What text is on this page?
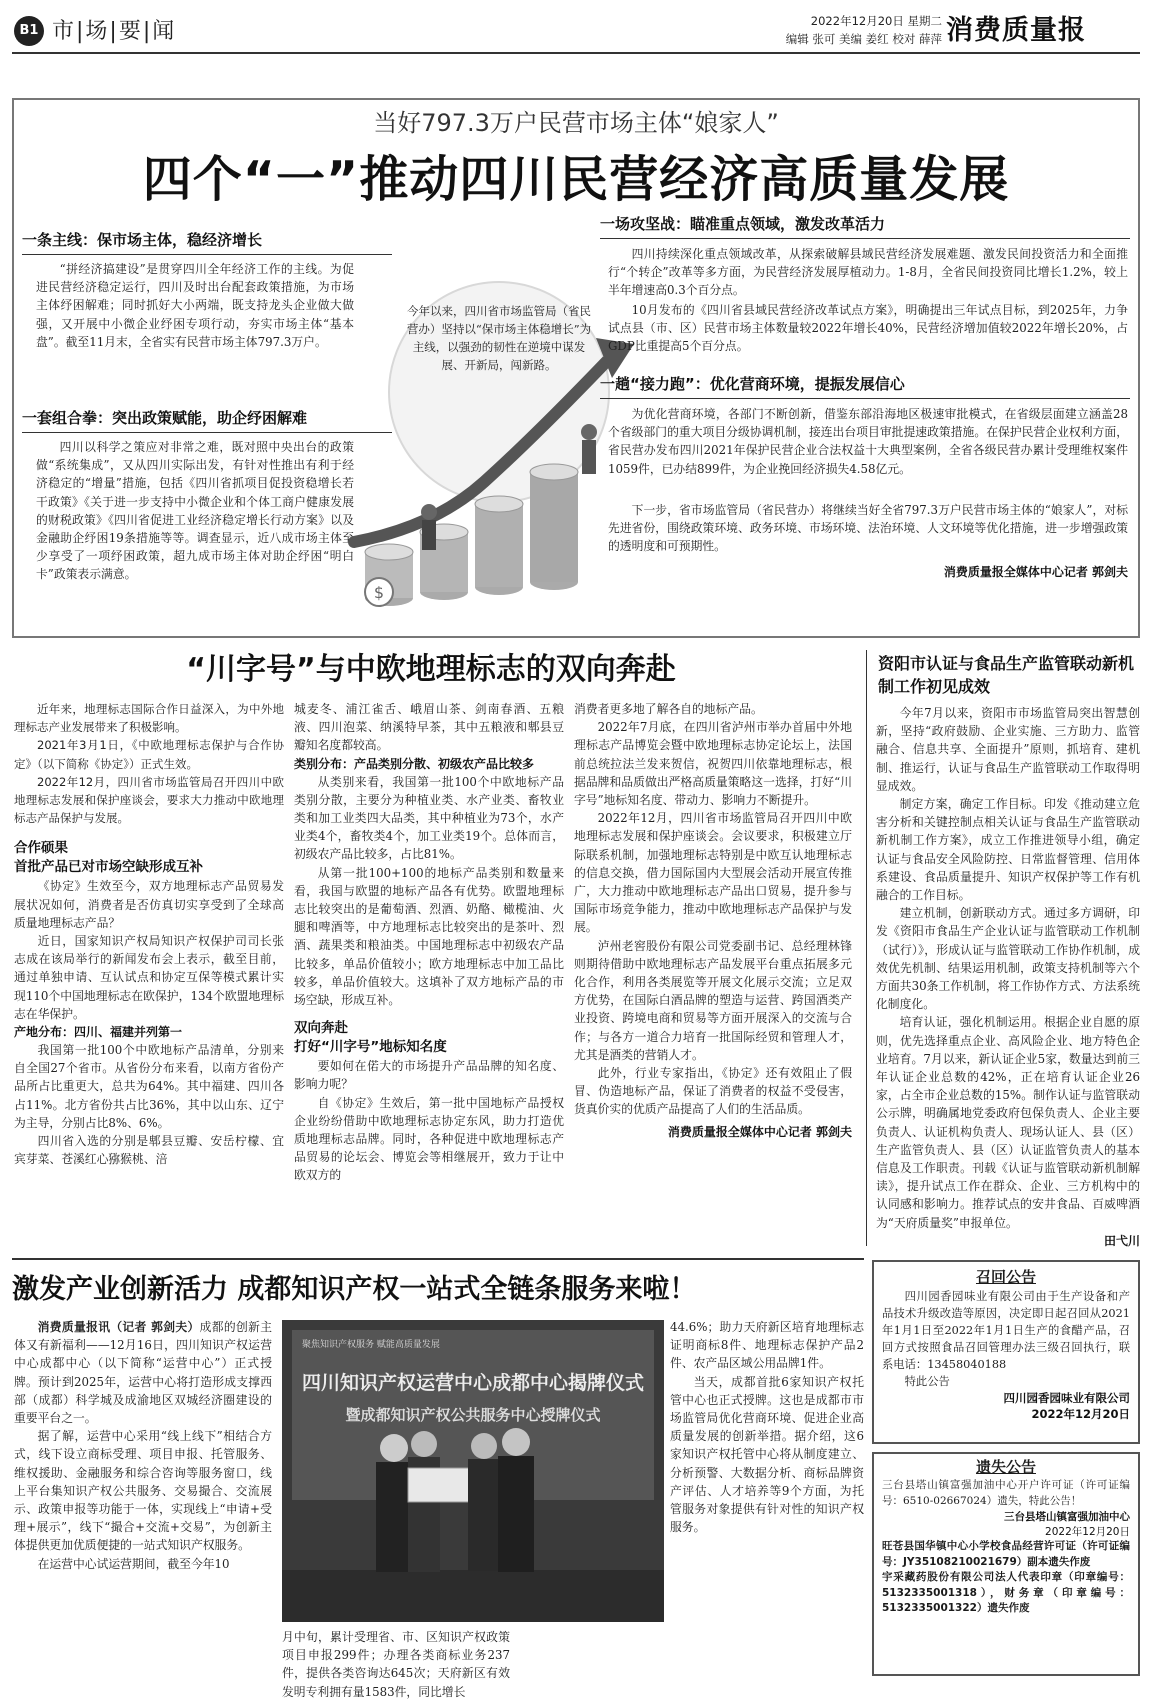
B1 市|场|要|闻	2022年12月20日 星期二
编辑 张可 美编 姜红 校对 薛萍 消费质量报
当好797.3万户民营市场主体“娘家人”
四个“一”推动四川民营经济高质量发展
一条主线：保市场主体，稳经济增长
“拼经济搞建设”是贯穿四川全年经济工作的主线。为促进民营经济稳定运行，四川及时出台配套政策措施，为市场主体纾困解难；同时抓好大小两端，既支持龙头企业做大做强，又开展中小微企业纾困专项行动，夯实市场主体“基本盘”。截至11月末，全省实有民营市场主体797.3万户。
一套组合拳：突出政策赋能，助企纾困解难
四川以科学之策应对非常之难，既对照中央出台的政策做“系统集成”，又从四川实际出发，有针对性推出有利于经济稳定的“增量”措施，包括《四川省抓项目促投资稳增长若干政策》《关于进一步支持中小微企业和个体工商户健康发展的财税政策》《四川省促进工业经济稳定增长行动方案》以及金融助企纾困19条措施等等。调查显示，近八成市场主体至少享受了一项纾困政策，超九成市场主体对助企纾困“明白卡”政策表示满意。
$
今年以来，四川省市场监管局（省民营办）坚持以“保市场主体稳增长”为主线，以强劲的韧性在逆境中谋发展、开新局，闯新路。
一场攻坚战：瞄准重点领域，激发改革活力
四川持续深化重点领域改革，从探索破解县域民营经济发展难题、激发民间投资活力和全面推行“个转企”改革等多方面，为民营经济发展厚植动力。1-8月，全省民间投资同比增长1.2%，较上半年增速高0.3个百分点。
10月发布的《四川省县域民营经济改革试点方案》，明确提出三年试点目标，到2025年，力争试点县（市、区）民营市场主体数量较2022年增长40%，民营经济增加值较2022年增长20%，占GDP比重提高5个百分点。
一趟“接力跑”：优化营商环境，提振发展信心
为优化营商环境，各部门不断创新，借鉴东部沿海地区极速审批模式，在省级层面建立涵盖28个省级部门的重大项目分级协调机制，接连出台项目审批提速政策措施。在保护民营企业权利方面，省民营办发布四川2021年保护民营企业合法权益十大典型案例，全省各级民营办累计受理维权案件1059件，已办结899件，为企业挽回经济损失4.58亿元。
下一步，省市场监管局（省民营办）将继续当好全省797.3万户民营市场主体的“娘家人”，对标先进省份，围绕政策环境、政务环境、市场环境、法治环境、人文环境等优化措施，进一步增强政策的透明度和可预期性。
消费质量报全媒体中心记者 郭剑夫
“川字号”与中欧地理标志的双向奔赴
近年来，地理标志国际合作日益深入，为中外地理标志产业发展带来了积极影响。
2021年3月1日，《中欧地理标志保护与合作协定》（以下简称《协定》）正式生效。
2022年12月，四川省市场监管局召开四川中欧地理标志发展和保护座谈会，要求大力推动中欧地理标志产品保护与发展。
合作硕果
首批产品已对市场空缺形成互补
《协定》生效至今，双方地理标志产品贸易发展状况如何，消费者是否仿真切实享受到了全球高质量地理标志产品？
近日，国家知识产权局知识产权保护司司长张志成在该局举行的新闻发布会上表示，截至目前，通过单独申请、互认试点和协定互保等模式累计实现110个中国地理标志在欧保护，134个欧盟地理标志在华保护。
产地分布：四川、福建并列第一
我国第一批100个中欧地标产品清单，分别来自全国27个省市。从省份分布来看，以南方省份产品所占比重更大，总共为64%。其中福建、四川各占11%。北方省份共占比36%，其中以山东、辽宁为主导，分别占比8%、6%。
四川省入选的分别是郫县豆瓣、安岳柠檬、宜宾芽菜、苍溪红心猕猴桃、涪
城麦冬、浦江雀舌、峨眉山茶、剑南春酒、五粮液、四川泡菜、纳溪特早茶，其中五粮液和郫县豆瓣知名度都较高。
类别分布：产品类别分散、初级农产品比较多
从类别来看，我国第一批100个中欧地标产品类别分散，主要分为种植业类、水产业类、畜牧业类和加工业类四大品类，其中种植业为73个，水产业类4个，畜牧类4个，加工业类19个。总体而言，初级农产品比较多，占比81%。
从第一批100+100的地标产品类别和数量来看，我国与欧盟的地标产品各有优势。欧盟地理标志比较突出的是葡萄酒、烈酒、奶酪、橄榄油、火腿和啤酒等，中方地理标志比较突出的是茶叶、烈酒、蔬果类和粮油类。中国地理标志中初级农产品比较多，单品价值较小；欧方地理标志中加工品比较多，单品价值较大。这填补了双方地标产品的市场空缺，形成互补。
双向奔赴
打好“川字号”地标知名度
要如何在偌大的市场提升产品品牌的知名度、影响力呢？
自《协定》生效后，第一批中国地标产品授权企业纷纷借助中欧地理标志协定东风，助力打造优质地理标志品牌。同时，各种促进中欧地理标志产品贸易的论坛会、博览会等相继展开，致力于让中欧双方的
消费者更多地了解各自的地标产品。
2022年7月底，在四川省泸州市举办首届中外地理标志产品博览会暨中欧地理标志协定论坛上，法国前总统拉法兰发来贺信，祝贺四川依靠地理标志，根据品牌和品质做出严格高质量策略这一选择，打好“川字号”地标知名度、带动力、影响力不断提升。
2022年12月，四川省市场监管局召开四川中欧地理标志发展和保护座谈会。会议要求，积极建立厅际联系机制，加强地理标志特别是中欧互认地理标志的信息交换，借力国际国内大型展会活动开展宣传推广，大力推动中欧地理标志产品出口贸易，提升参与国际市场竞争能力，推动中欧地理标志产品保护与发展。
泸州老窖股份有限公司党委副书记、总经理林锋则期待借助中欧地理标志产品发展平台重点拓展多元化合作，利用各类展览等开展文化展示交流；立足双方优势，在国际白酒品牌的塑造与运营、跨国酒类产业投资、跨境电商和贸易等方面开展深入的交流与合作；与各方一道合力培育一批国际经贸和管理人才，尤其是酒类的营销人才。
此外，行业专家指出，《协定》还有效阻止了假冒、伪造地标产品，保证了消费者的权益不受侵害，货真价实的优质产品提高了人们的生活品质。
消费质量报全媒体中心记者 郭剑夫
资阳市认证与食品生产监管联动新机制工作初见成效
今年7月以来，资阳市市场监管局突出智慧创新，坚持“政府鼓励、企业实施、三方助力、监管融合、信息共享、全面提升”原则，抓培育、建机制、推运行，认证与食品生产监管联动工作取得明显成效。
制定方案，确定工作目标。印发《推动建立危害分析和关键控制点相关认证与食品生产监管联动新机制工作方案》，成立工作推进领导小组，确定认证与食品安全风险防控、日常监督管理、信用体系建设、食品质量提升、知识产权保护等工作有机融合的工作目标。
建立机制，创新联动方式。通过多方调研，印发《资阳市食品生产企业认证与监管联动工作机制（试行）》，形成认证与监管联动工作协作机制，成效优先机制、结果运用机制，政策支持机制等六个方面共30条工作机制，将工作协作方式、方法系统化制度化。
培育认证，强化机制运用。根据企业自愿的原则，优先选择重点企业、高风险企业、地方特色企业培育。7月以来，新认证企业5家，数量达到前三年认证企业总数的42%，正在培育认证企业26家，占全市企业总数的15%。制作认证与监管联动公示牌，明确属地党委政府包保负责人、企业主要负责人、认证机构负责人、现场认证人、县（区）生产监管负责人、县（区）认证监管负责人的基本信息及工作职责。刊载《认证与监管联动新机制解读》，提升试点工作在群众、企业、三方机构中的认同感和影响力。推荐试点的安井食品、百威啤酒为“天府质量奖”申报单位。
田弋川
召回公告
四川园香园味业有限公司由于生产设备和产品技术升级改造等原因，决定即日起召回从2021年1月1日至2022年1月1日生产的食醋产品，召回方式按照食品召回管理办法三级召回执行，联系电话：13458040188
特此公告
四川园香园味业有限公司
2022年12月20日
遗失公告
三台县塔山镇富强加油中心开户许可证（许可证编号：6510-02667024）遗失，特此公告！
三台县塔山镇富强加油中心
2022年12月20日
旺苍县国华镇中心小学校食品经营许可证（许可证编号：JY35108210021679）副本遗失作废
宇采藏药股份有限公司法人代表印章（印章编号：5132335001318），财务章（印章编号：5132335001322）遗失作废
激发产业创新活力 成都知识产权一站式全链条服务来啦！
消费质量报讯（记者 郭剑夫）成都的创新主体又有新福利——12月16日，四川知识产权运营中心成都中心（以下简称“运营中心”）正式授牌。预计到2025年，运营中心将打造形成支撑西部（成都）科学城及成渝地区双城经济圈建设的重要平台之一。
据了解，运营中心采用“线上线下”相结合方式，线下设立商标受理、项目申报、托管服务、维权援助、金融服务和综合咨询等服务窗口，线上平台集知识产权公共服务、交易撮合、交流展示、政策申报等功能于一体，实现线上“申请+受理+展示”，线下“撮合+交流+交易”，为创新主体提供更加优质便捷的一站式知识产权服务。
在运营中心试运营期间，截至今年10
聚焦知识产权服务 赋能高质量发展
四川知识产权运营中心成都中心揭牌仪式
暨成都知识产权公共服务中心授牌仪式
月中旬，累计受理省、市、区知识产权政策项目申报299件；办理各类商标业务237件，提供各类咨询达645次；天府新区有效发明专利拥有量1583件，同比增长
44.6%；助力天府新区培育地理标志证明商标8件、地理标志保护产品2件、农产品区域公用品牌1件。
当天，成都首批6家知识产权托管中心也正式授牌。这也是成都市市场监管局优化营商环境、促进企业高质量发展的创新举措。据介绍，这6家知识产权托管中心将从制度建立、分析预警、大数据分析、商标品牌资产评估、人才培养等9个方面，为托管服务对象提供有针对性的知识产权服务。
